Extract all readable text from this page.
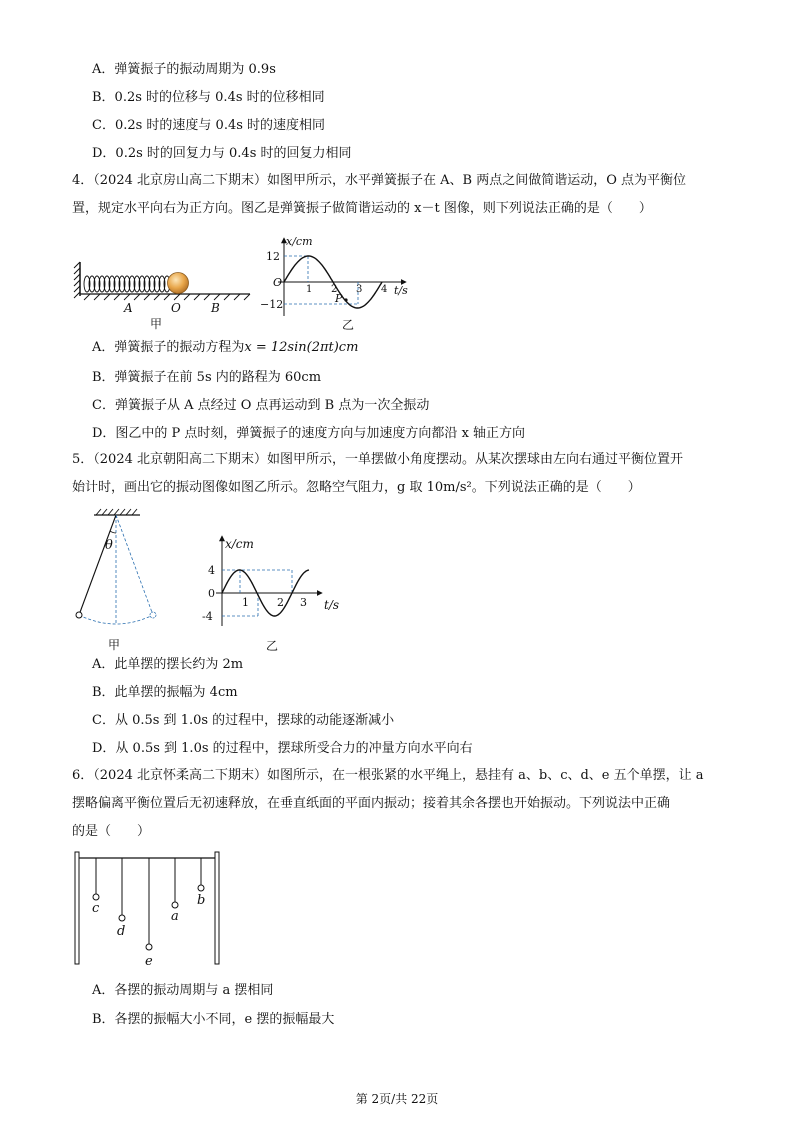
A．弹簧振子的振动周期为 0.9s
B．0.2s 时的位移与 0.4s 时的位移相同
C．0.2s 时的速度与 0.4s 时的速度相同
D．0.2s 时的回复力与 0.4s 时的回复力相同
4．（2024 北京房山高二下期末）如图甲所示，水平弹簧振子在 A、B 两点之间做简谐运动，O 点为平衡位
置，规定水平向右为正方向。图乙是弹簧振子做简谐运动的 x－t 图像，则下列说法正确的是（　　）
A	O	B
甲
P
x/cm
t/s
O
12
−12
1 2 3 4
乙
A．弹簧振子的振动方程为x = 12sin(2πt)cm
B．弹簧振子在前 5s 内的路程为 60cm
C．弹簧振子从 A 点经过 O 点再运动到 B 点为一次全振动
D．图乙中的 P 点时刻，弹簧振子的速度方向与加速度方向都沿 x 轴正方向
5．（2024 北京朝阳高二下期末）如图甲所示，一单摆做小角度摆动。从某次摆球由左向右通过平衡位置开
始计时，画出它的振动图像如图乙所示。忽略空气阻力，g 取 10m/s²。下列说法正确的是（　　）
θ
甲
x/cm
t/s
0
4
-4
1	2 3
乙
A．此单摆的摆长约为 2m
B．此单摆的振幅为 4cm
C．从 0.5s 到 1.0s 的过程中，摆球的动能逐渐减小
D．从 0.5s 到 1.0s 的过程中，摆球所受合力的冲量方向水平向右
6．（2024 北京怀柔高二下期末）如图所示，在一根张紧的水平绳上，悬挂有 a、b、c、d、e 五个单摆，让 a
摆略偏离平衡位置后无初速释放，在垂直纸面的平面内振动；接着其余各摆也开始振动。下列说法中正确
的是（　　）
c
d
e
a
b
A．各摆的振动周期与 a 摆相同
B．各摆的振幅大小不同，e 摆的振幅最大
第 2页/共 22页
